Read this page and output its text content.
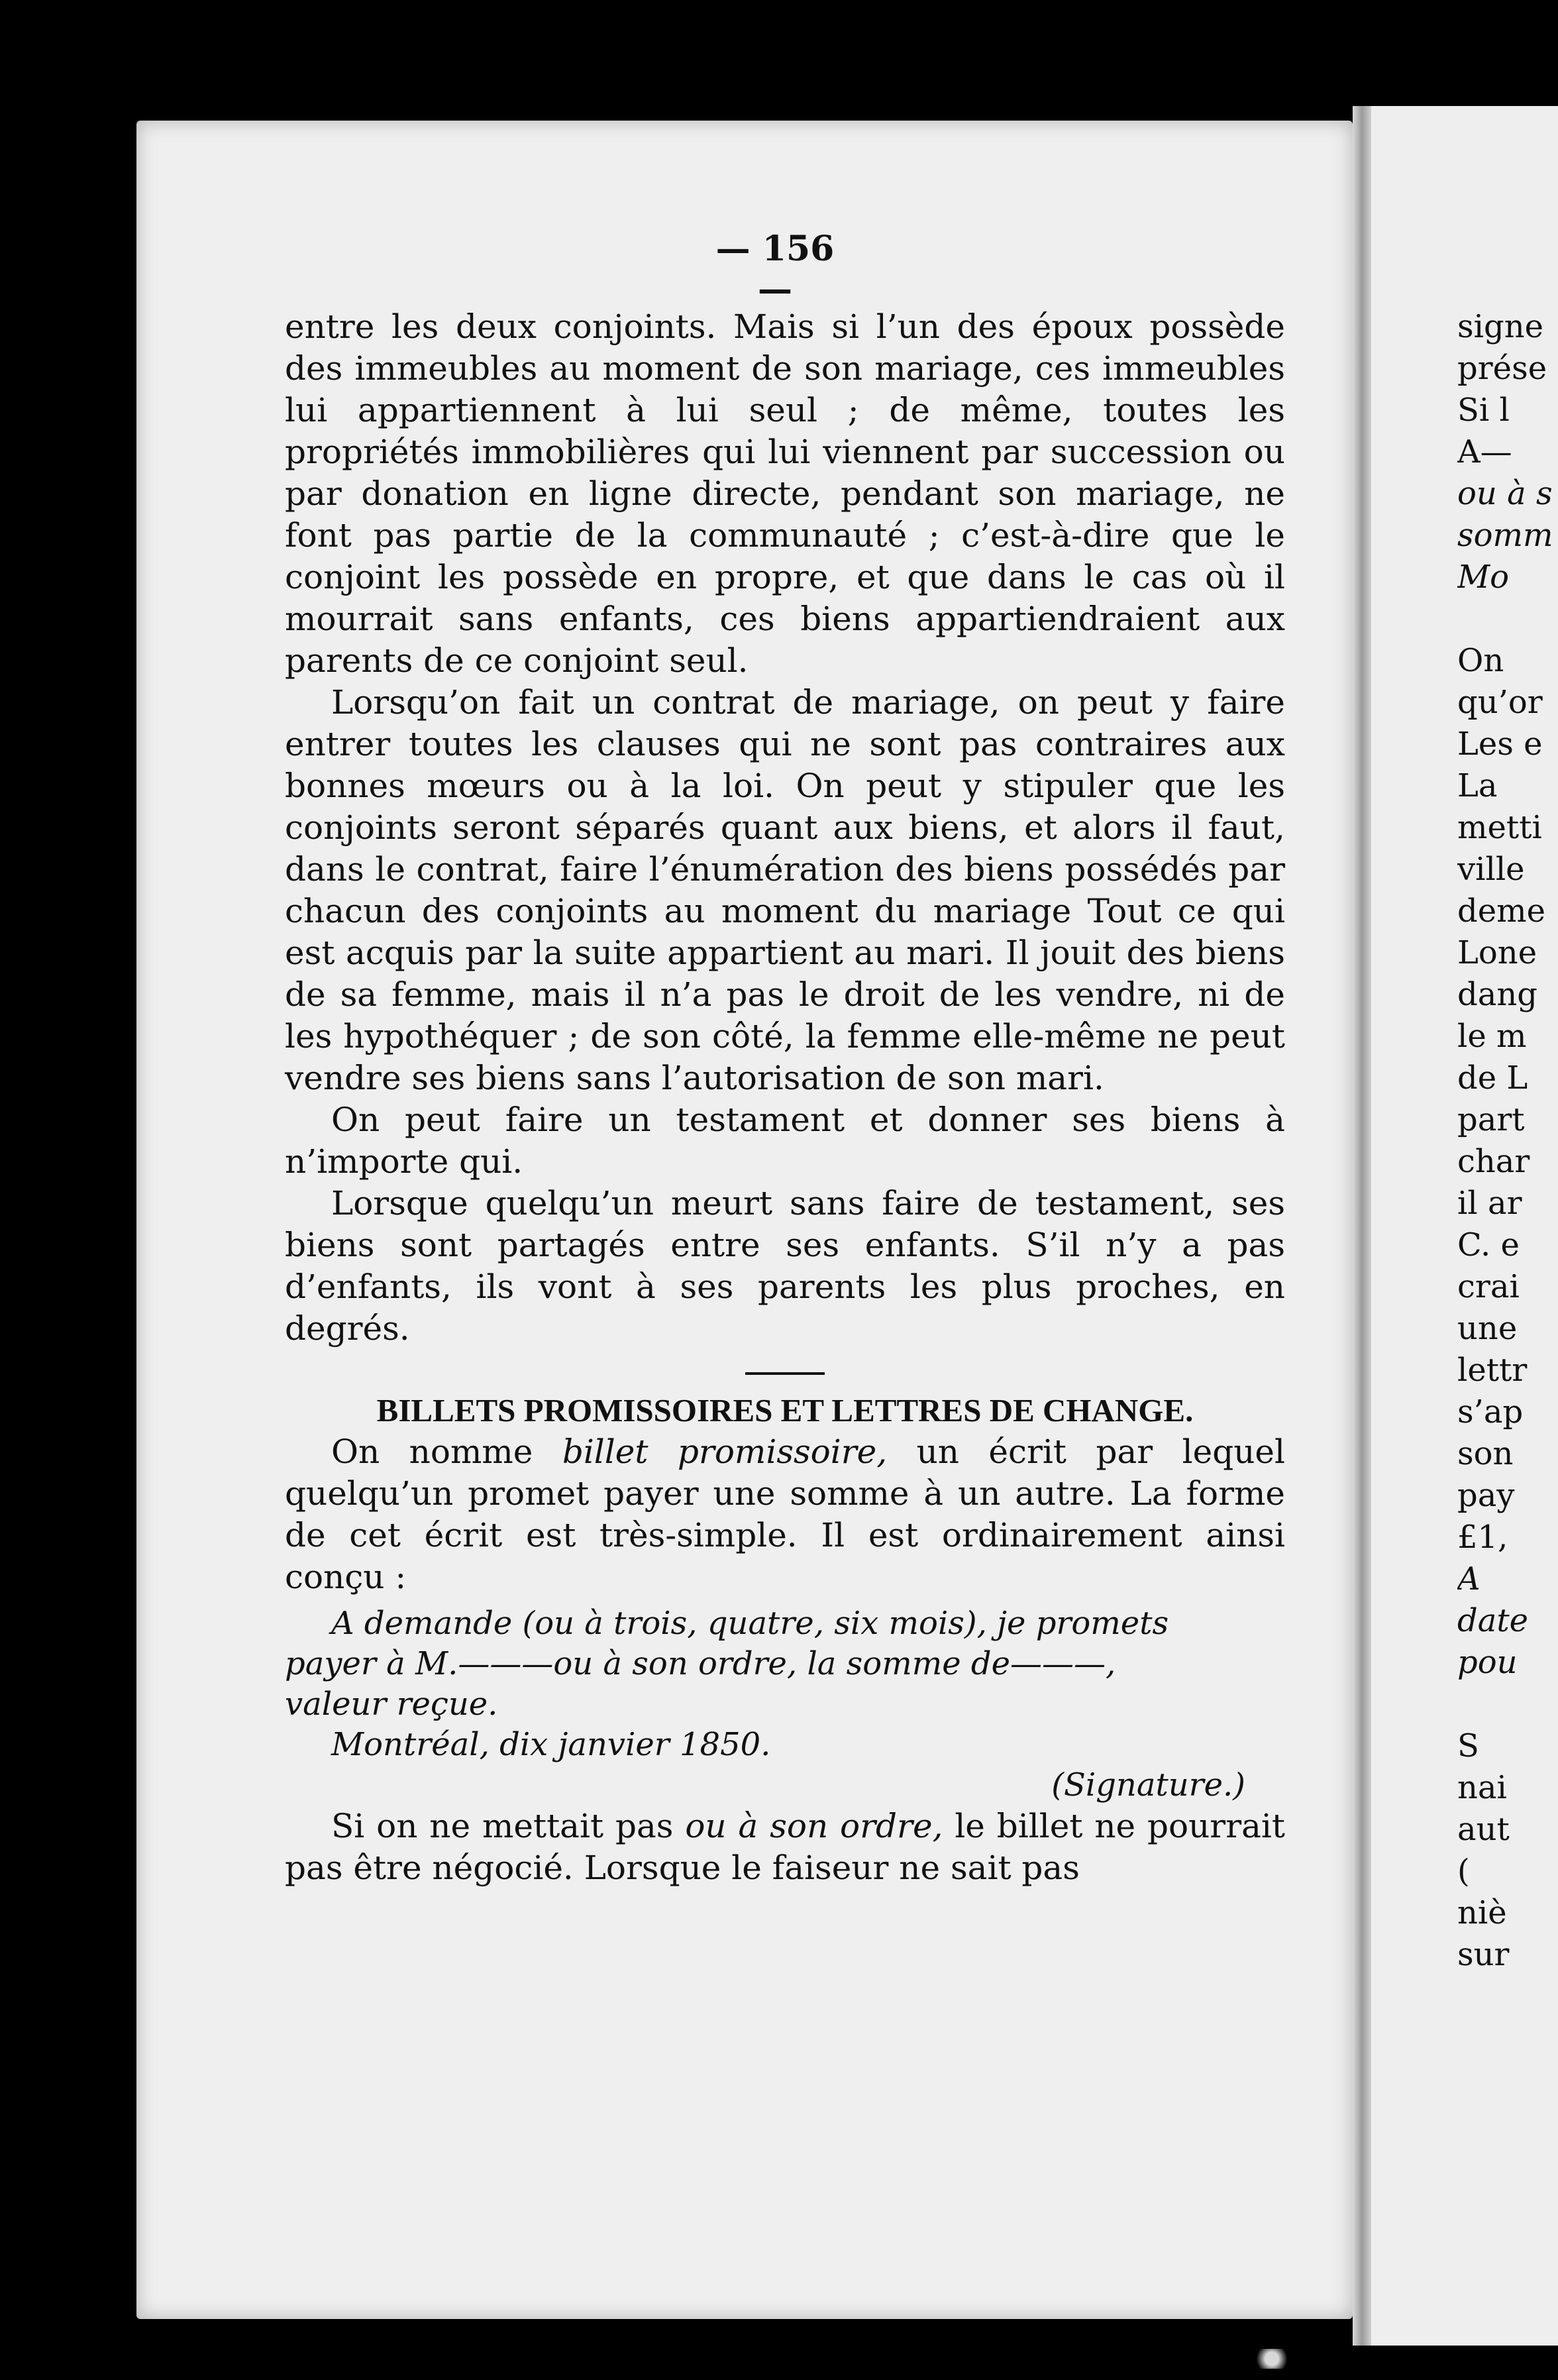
— 156 —

entre les deux conjoints. Mais si l’un des époux possède des immeubles au moment de son mariage, ces immeubles lui appartiennent à lui seul ; de même, toutes les propriétés immobilières qui lui viennent par succession ou par donation en ligne directe, pendant son mariage, ne font pas partie de la communauté ; c’est-à-dire que le conjoint les possède en propre, et que dans le cas où il mourrait sans enfants, ces biens appartiendraient aux parents de ce conjoint seul.

Lorsqu’on fait un contrat de mariage, on peut y faire entrer toutes les clauses qui ne sont pas contraires aux bonnes mœurs ou à la loi. On peut y stipuler que les conjoints seront séparés quant aux biens, et alors il faut, dans le contrat, faire l’énumération des biens possédés par chacun des conjoints au moment du mariage Tout ce qui est acquis par la suite appartient au mari. Il jouit des biens de sa femme, mais il n’a pas le droit de les vendre, ni de les hypothéquer ; de son côté, la femme elle-même ne peut vendre ses biens sans l’autorisation de son mari.

On peut faire un testament et donner ses biens à n’importe qui.

Lorsque quelqu’un meurt sans faire de testament, ses biens sont partagés entre ses enfants. S’il n’y a pas d’enfants, ils vont à ses parents les plus proches, en degrés.

BILLETS PROMISSOIRES ET LETTRES DE CHANGE.

On nomme billet promissoire, un écrit par lequel quelqu’un promet payer une somme à un autre. La forme de cet écrit est très-simple. Il est ordinairement ainsi conçu :

A demande (ou à trois, quatre, six mois), je promets
payer à M.———ou à son ordre, la somme de———,
valeur reçue.
Montréal, dix janvier 1850.
(Signature.)

Si on ne mettait pas ou à son ordre, le billet ne pourrait pas être négocié. Lorsque le faiseur ne sait pas

signe
prése
Si l
A—
ou à s
somm
Mo
On
qu’or
Les e
La
metti
ville
deme
Lone
dang
le m
de L
part
char
il ar
C. e
crai
une
lettr
s’ap
son
pay
£1,
A
date
pou
S
nai
aut
(
niè
sur
